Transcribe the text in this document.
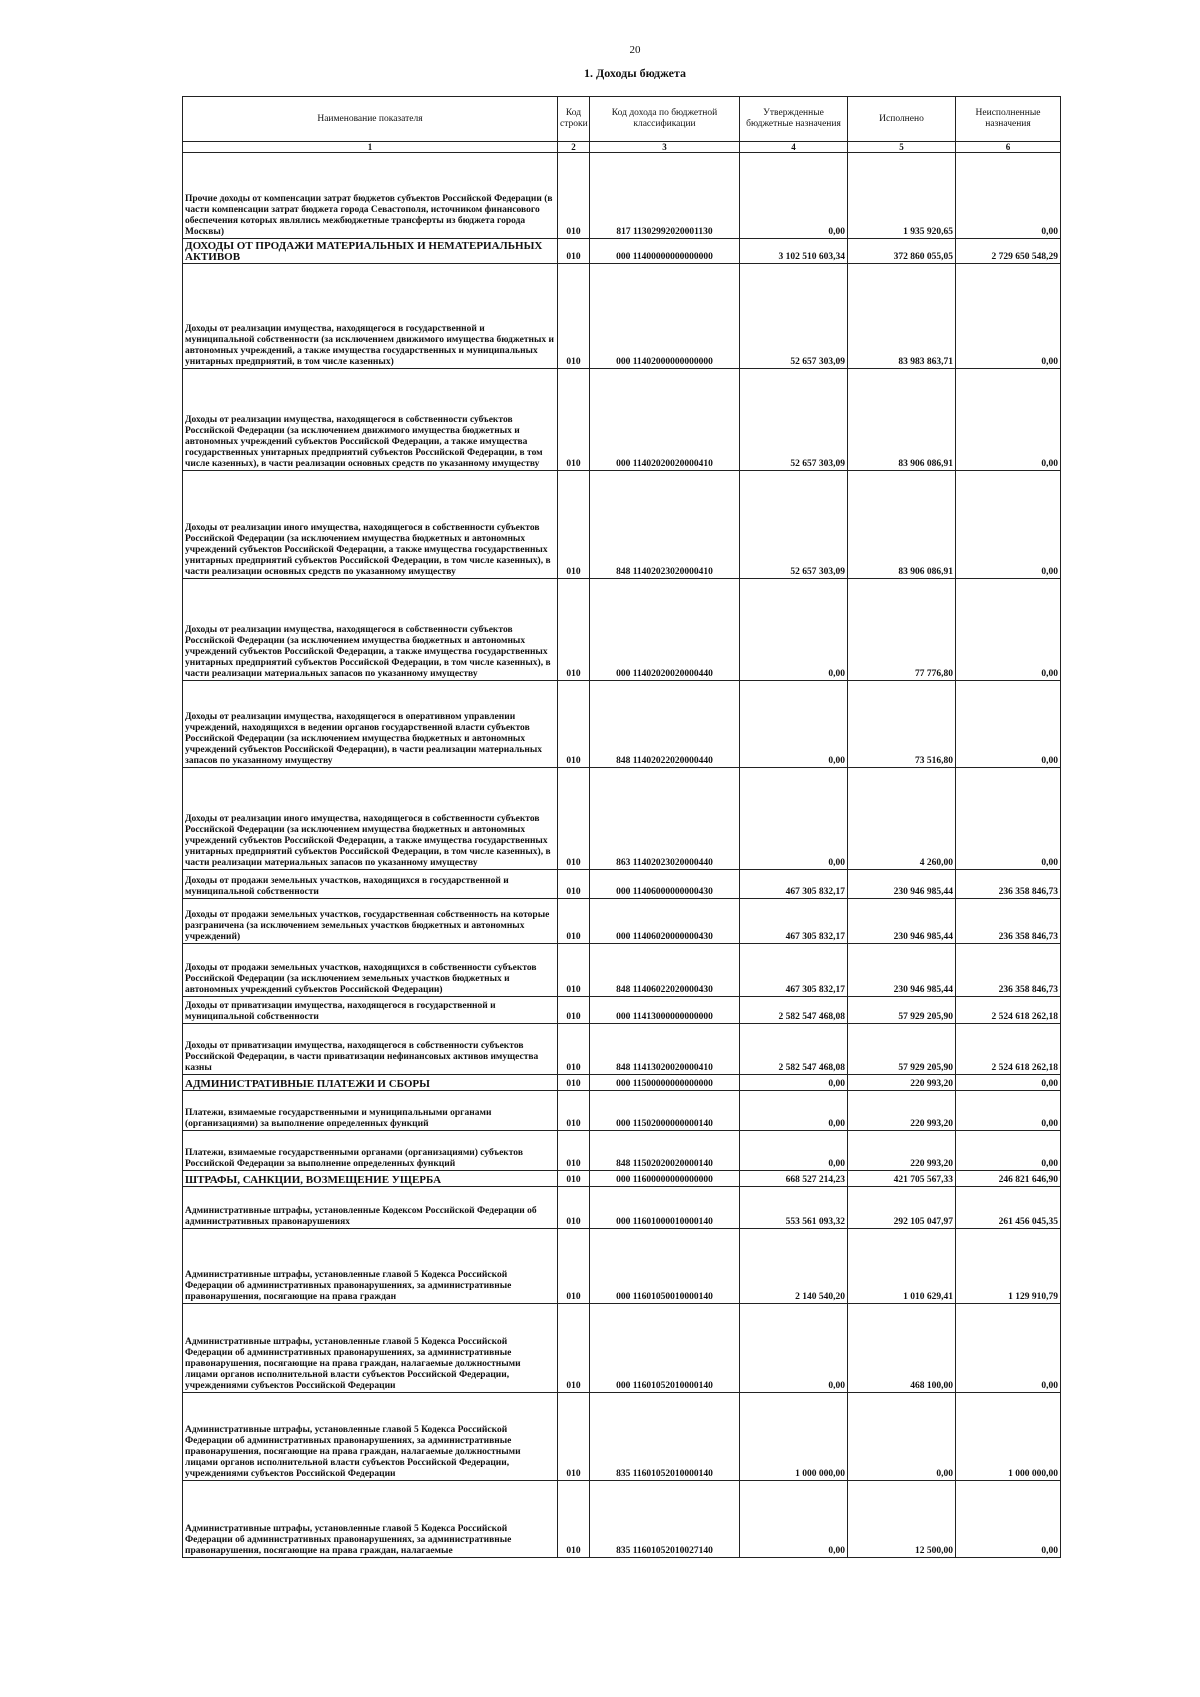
20
1. Доходы бюджета
Наименование показателя	Код строки	Код дохода по бюджетной классификации	Утвержденные бюджетные назначения	Исполнено	Неисполненные назначения
1	2	3	4	5	6
Прочие доходы от компенсации затрат бюджетов субъектов Российской Федерации (в части компенсации затрат бюджета города Севастополя, источником финансового обеспечения которых являлись межбюджетные трансферты из бюджета города Москвы)	010	817 11302992020001130	0,00	1 935 920,65	0,00
ДОХОДЫ ОТ ПРОДАЖИ МАТЕРИАЛЬНЫХ И НЕМАТЕРИАЛЬНЫХ АКТИВОВ	010	000 11400000000000000	3 102 510 603,34	372 860 055,05	2 729 650 548,29
Доходы от реализации имущества, находящегося в государственной и муниципальной собственности (за исключением движимого имущества бюджетных и автономных учреждений, а также имущества государственных и муниципальных унитарных предприятий, в том числе казенных)	010	000 11402000000000000	52 657 303,09	83 983 863,71	0,00
Доходы от реализации имущества, находящегося в собственности субъектов Российской Федерации (за исключением движимого имущества бюджетных и автономных учреждений субъектов Российской Федерации, а также имущества государственных унитарных предприятий субъектов Российской Федерации, в том числе казенных), в части реализации основных средств по указанному имуществу	010	000 11402020020000410	52 657 303,09	83 906 086,91	0,00
Доходы от реализации иного имущества, находящегося в собственности субъектов Российской Федерации (за исключением имущества бюджетных и автономных учреждений субъектов Российской Федерации, а также имущества государственных унитарных предприятий субъектов Российской Федерации, в том числе казенных), в части реализации основных средств по указанному имуществу	010	848 11402023020000410	52 657 303,09	83 906 086,91	0,00
Доходы от реализации имущества, находящегося в собственности субъектов Российской Федерации (за исключением имущества бюджетных и автономных учреждений субъектов Российской Федерации, а также имущества государственных унитарных предприятий субъектов Российской Федерации, в том числе казенных), в части реализации материальных запасов по указанному имуществу	010	000 11402020020000440	0,00	77 776,80	0,00
Доходы от реализации имущества, находящегося в оперативном управлении учреждений, находящихся в ведении органов государственной власти субъектов Российской Федерации (за исключением имущества бюджетных и автономных учреждений субъектов Российской Федерации), в части реализации материальных запасов по указанному имуществу	010	848 11402022020000440	0,00	73 516,80	0,00
Доходы от реализации иного имущества, находящегося в собственности субъектов Российской Федерации (за исключением имущества бюджетных и автономных учреждений субъектов Российской Федерации, а также имущества государственных унитарных предприятий субъектов Российской Федерации, в том числе казенных), в части реализации материальных запасов по указанному имуществу	010	863 11402023020000440	0,00	4 260,00	0,00
Доходы от продажи земельных участков, находящихся в государственной и муниципальной собственности	010	000 11406000000000430	467 305 832,17	230 946 985,44	236 358 846,73
Доходы от продажи земельных участков, государственная собственность на которые разграничена (за исключением земельных участков бюджетных и автономных учреждений)	010	000 11406020000000430	467 305 832,17	230 946 985,44	236 358 846,73
Доходы от продажи земельных участков, находящихся в собственности субъектов Российской Федерации (за исключением земельных участков бюджетных и автономных учреждений субъектов Российской Федерации)	010	848 11406022020000430	467 305 832,17	230 946 985,44	236 358 846,73
Доходы от приватизации имущества, находящегося в государственной и муниципальной собственности	010	000 11413000000000000	2 582 547 468,08	57 929 205,90	2 524 618 262,18
Доходы от приватизации имущества, находящегося в собственности субъектов Российской Федерации, в части приватизации нефинансовых активов имущества казны	010	848 11413020020000410	2 582 547 468,08	57 929 205,90	2 524 618 262,18
АДМИНИСТРАТИВНЫЕ ПЛАТЕЖИ И СБОРЫ	010	000 11500000000000000	0,00	220 993,20	0,00
Платежи, взимаемые государственными и муниципальными органами (организациями) за выполнение определенных функций	010	000 11502000000000140	0,00	220 993,20	0,00
Платежи, взимаемые государственными органами (организациями) субъектов Российской Федерации за выполнение определенных функций	010	848 11502020020000140	0,00	220 993,20	0,00
ШТРАФЫ, САНКЦИИ, ВОЗМЕЩЕНИЕ УЩЕРБА	010	000 11600000000000000	668 527 214,23	421 705 567,33	246 821 646,90
Административные штрафы, установленные Кодексом Российской Федерации об административных правонарушениях	010	000 11601000010000140	553 561 093,32	292 105 047,97	261 456 045,35
Административные штрафы, установленные главой 5 Кодекса Российской Федерации об административных правонарушениях, за административные правонарушения, посягающие на права граждан	010	000 11601050010000140	2 140 540,20	1 010 629,41	1 129 910,79
Административные штрафы, установленные главой 5 Кодекса Российской Федерации об административных правонарушениях, за административные правонарушения, посягающие на права граждан, налагаемые должностными лицами органов исполнительной власти субъектов Российской Федерации, учреждениями субъектов Российской Федерации	010	000 11601052010000140	0,00	468 100,00	0,00
Административные штрафы, установленные главой 5 Кодекса Российской Федерации об административных правонарушениях, за административные правонарушения, посягающие на права граждан, налагаемые должностными лицами органов исполнительной власти субъектов Российской Федерации, учреждениями субъектов Российской Федерации	010	835 11601052010000140	1 000 000,00	0,00	1 000 000,00
Административные штрафы, установленные главой 5 Кодекса Российской Федерации об административных правонарушениях, за административные правонарушения, посягающие на права граждан, налагаемые	010	835 11601052010027140	0,00	12 500,00	0,00
